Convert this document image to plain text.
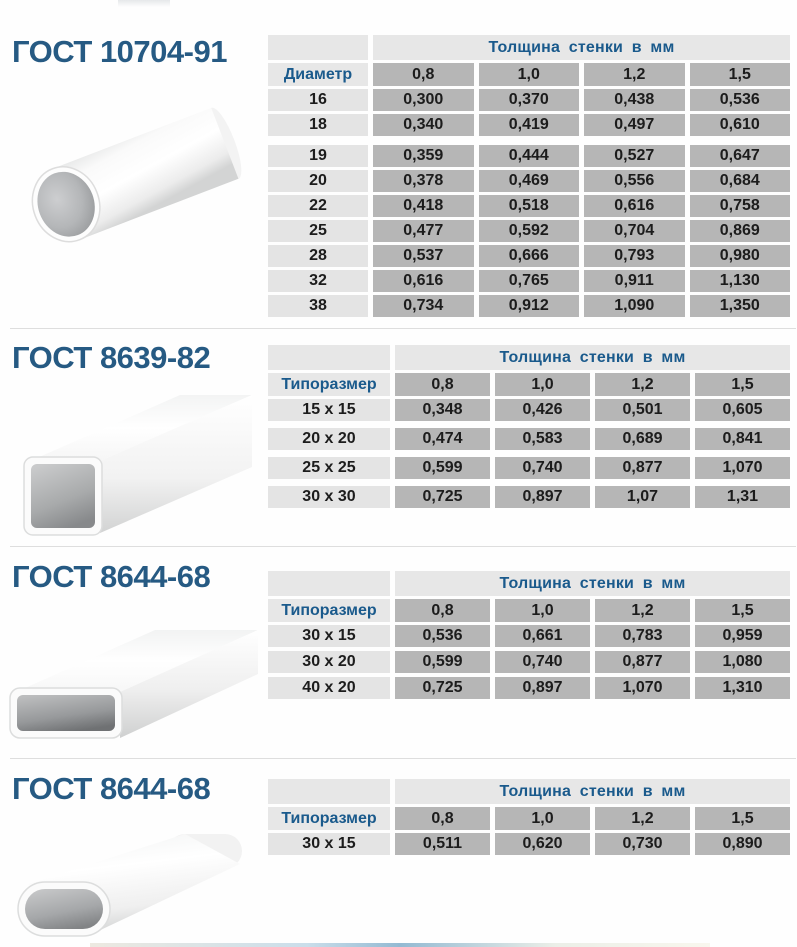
ГОСТ 10704-91	Толщина стенки в мм
Диаметр	0,8	1,0	1,2	1,5
16	0,300	0,370	0,438	0,536
18	0,340	0,419	0,497	0,610
19	0,359	0,444	0,527	0,647
20	0,378	0,469	0,556	0,684
22	0,418	0,518	0,616	0,758
25	0,477	0,592	0,704	0,869
28	0,537	0,666	0,793	0,980
32	0,616	0,765	0,911	1,130
38	0,734	0,912	1,090	1,350
ГОСТ 8639-82	Толщина стенки в мм
Типоразмер	0,8	1,0	1,2	1,5
15 x 15	0,348	0,426	0,501	0,605
20 x 20	0,474	0,583	0,689	0,841
25 x 25	0,599	0,740	0,877	1,070
30 x 30	0,725	0,897	1,07	1,31
ГОСТ 8644-68	Толщина стенки в мм
Типоразмер	0,8	1,0	1,2	1,5
30 x 15	0,536	0,661	0,783	0,959
30 x 20	0,599	0,740	0,877	1,080
40 x 20	0,725	0,897	1,070	1,310
ГОСТ 8644-68	Толщина стенки в мм
Типоразмер	0,8	1,0	1,2	1,5
30 x 15	0,511	0,620	0,730	0,890
